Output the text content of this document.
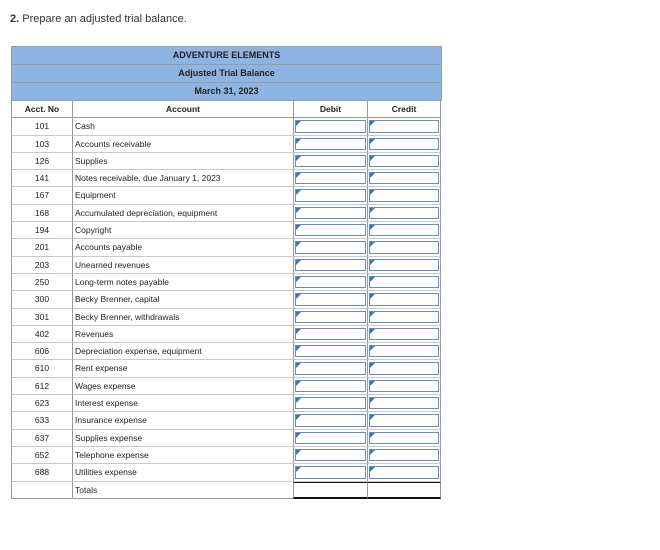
2. Prepare an adjusted trial balance.
ADVENTURE ELEMENTS
Adjusted Trial Balance
March 31, 2023
Acct. No	Account	Debit	Credit
101	Cash
103	Accounts receivable
126	Supplies
141	Notes receivable, due January 1, 2023
167	Equipment
168	Accumulated depreciation, equipment
194	Copyright
201	Accounts payable
203	Unearned revenues
250	Long-term notes payable
300	Becky Brenner, capital
301	Becky Brenner, withdrawals
402	Revenues
606	Depreciation expense, equipment
610	Rent expense
612	Wages expense
623	Interest expense
633	Insurance expense
637	Supplies expense
652	Telephone expense
688	Utilities expense
Totals
